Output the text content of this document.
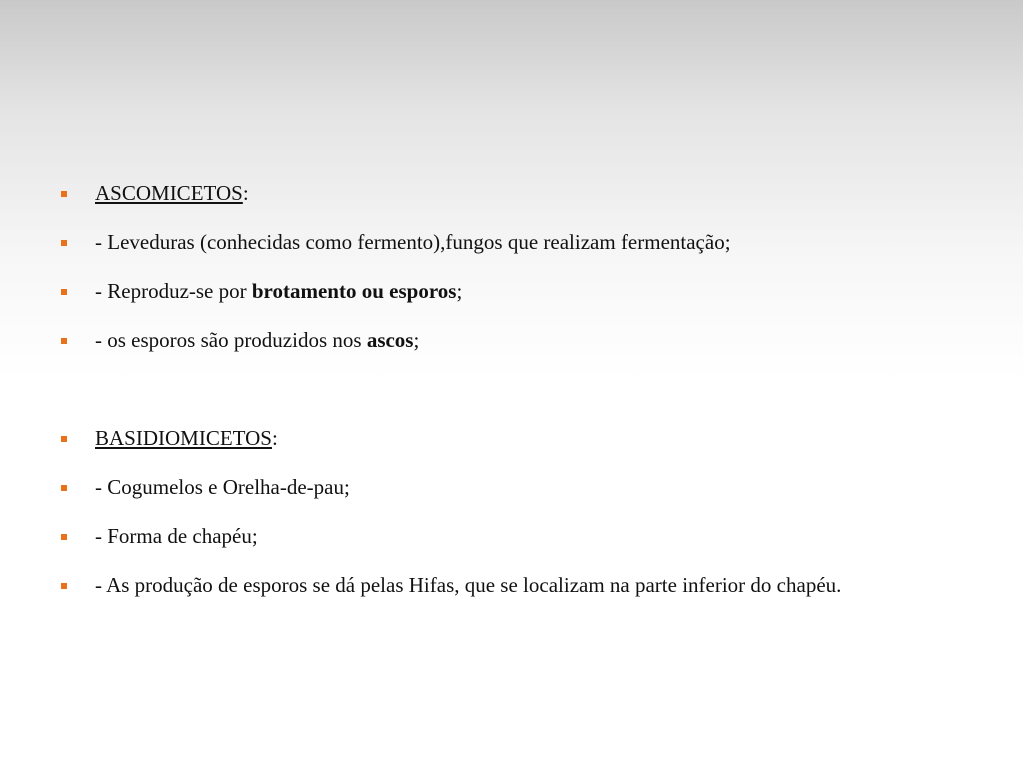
ASCOMICETOS:
- Leveduras (conhecidas como fermento),fungos que realizam fermentação;
- Reproduz-se por brotamento ou esporos;
- os esporos são produzidos nos ascos;
BASIDIOMICETOS:
- Cogumelos e Orelha-de-pau;
- Forma de chapéu;
- As produção de esporos se dá pelas Hifas, que se localizam na parte inferior do chapéu.
